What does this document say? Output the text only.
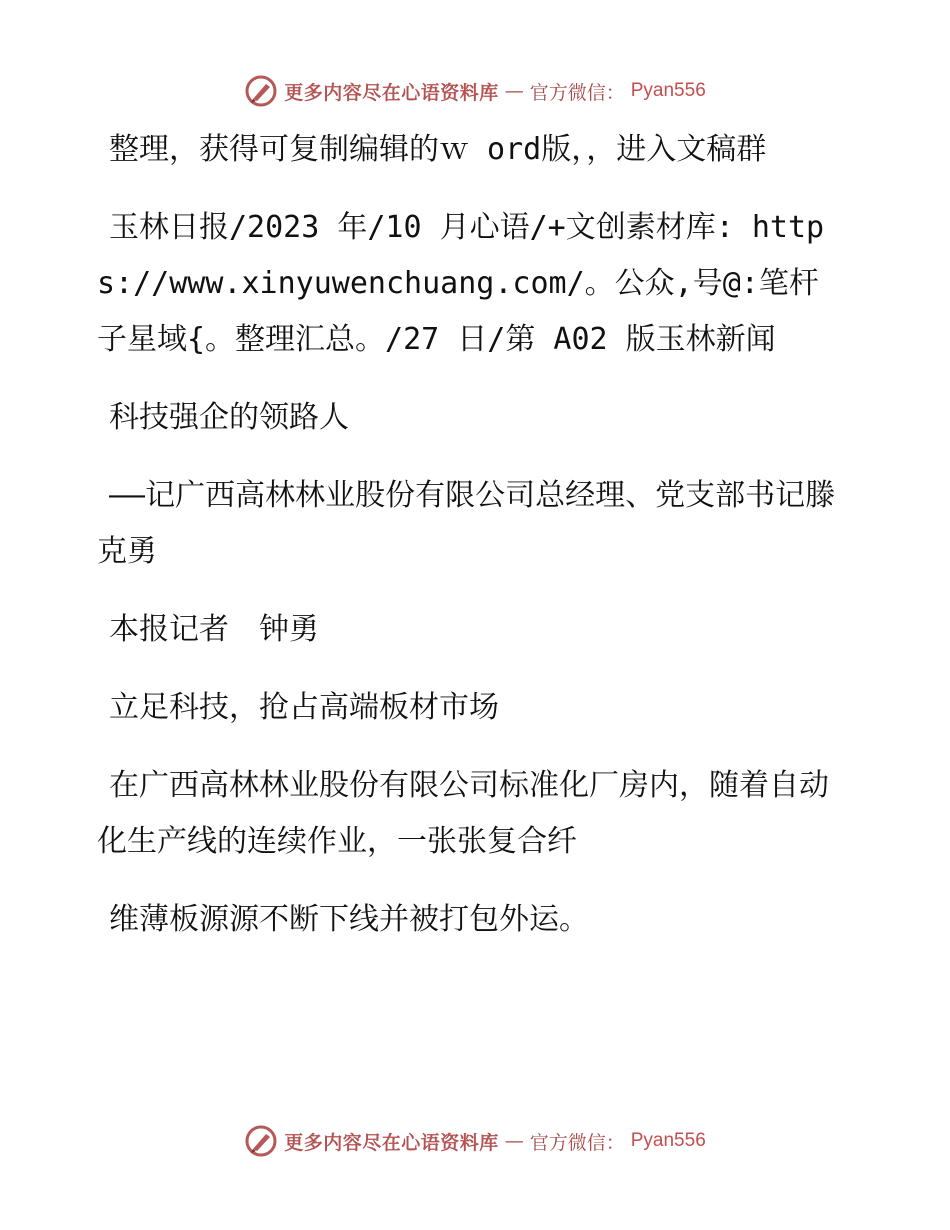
更多内容尽在心语资料库 — 官方微信： Pyan556

整理，获得可复制编辑的ｗ ord版，，进入文稿群

玉林日报/2023 年/10 月心语/+文创素材库: https://www.xinyuwenchuang.com/。公众,号@:笔杆子星域{。整理汇总。/27 日/第 A02 版玉林新闻

科技强企的领路人

——记广西高林林业股份有限公司总经理、党支部书记滕克勇

本报记者　钟勇

立足科技，抢占高端板材市场

在广西高林林业股份有限公司标准化厂房内，随着自动化生产线的连续作业，一张张复合纤

维薄板源源不断下线并被打包外运。

更多内容尽在心语资料库 — 官方微信： Pyan556
